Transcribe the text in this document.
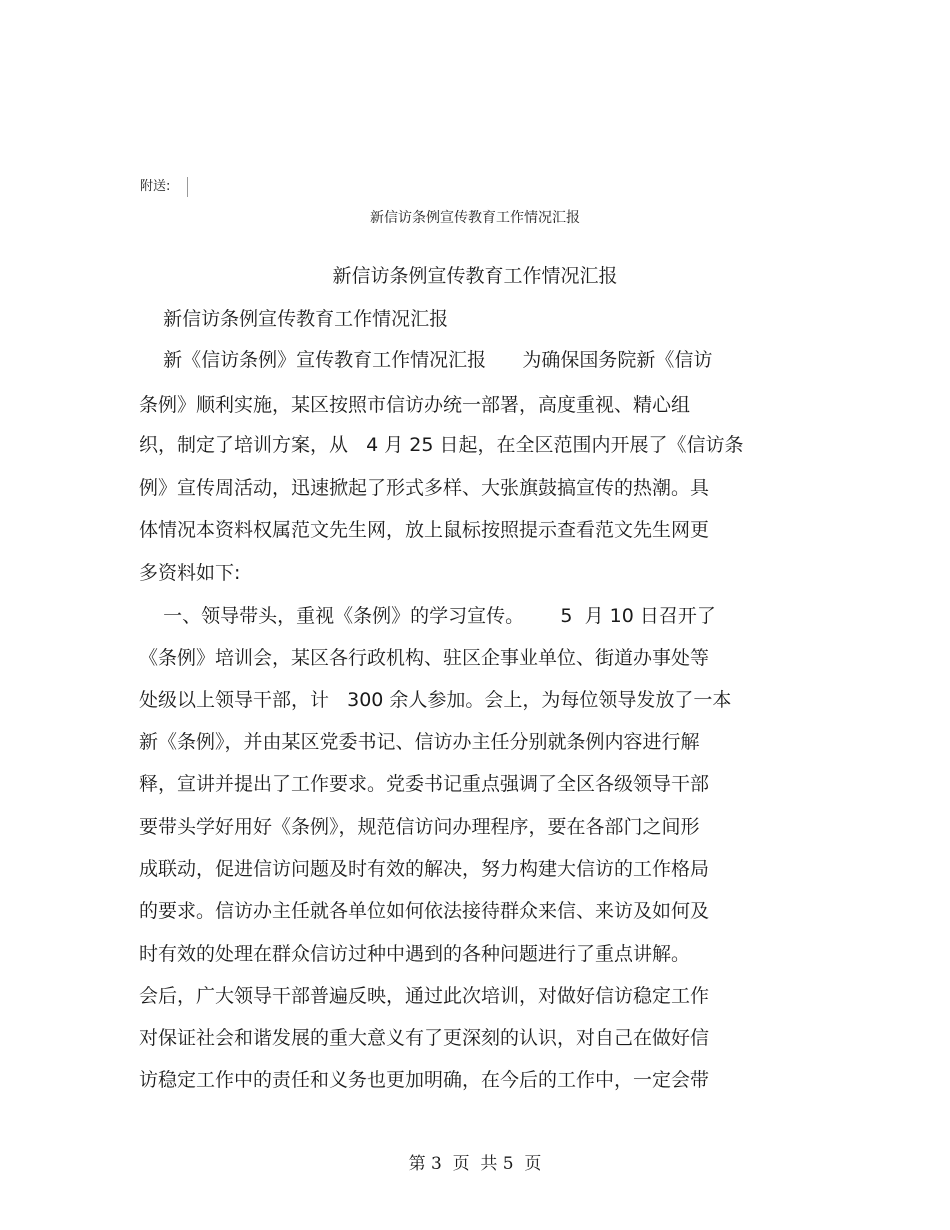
附送:
新信访条例宣传教育工作情况汇报
新信访条例宣传教育工作情况汇报
新信访条例宣传教育工作情况汇报
新《信访条例》宣传教育工作情况汇报      为确保国务院新《信访
条例》顺利实施，某区按照市信访办统一部署，高度重视、精心组
织，制定了培训方案，从   4 月 25 日起，在全区范围内开展了《信访条
例》宣传周活动，迅速掀起了形式多样、大张旗鼓搞宣传的热潮。具
体情况本资料权属范文先生网，放上鼠标按照提示查看范文先生网更
多资料如下:
一、领导带头，重视《条例》的学习宣传。      5  月 10 日召开了
《条例》培训会，某区各行政机构、驻区企事业单位、街道办事处等
处级以上领导干部，计   300 余人参加。会上，为每位领导发放了一本
新《条例》，并由某区党委书记、信访办主任分别就条例内容进行解
释，宣讲并提出了工作要求。党委书记重点强调了全区各级领导干部
要带头学好用好《条例》，规范信访问办理程序，要在各部门之间形
成联动，促进信访问题及时有效的解决，努力构建大信访的工作格局
的要求。信访办主任就各单位如何依法接待群众来信、来访及如何及
时有效的处理在群众信访过种中遇到的各种问题进行了重点讲解。
会后，广大领导干部普遍反映，通过此次培训，对做好信访稳定工作
对保证社会和谐发展的重大意义有了更深刻的认识，对自己在做好信
访稳定工作中的责任和义务也更加明确，在今后的工作中，一定会带
第 3  页  共 5  页
